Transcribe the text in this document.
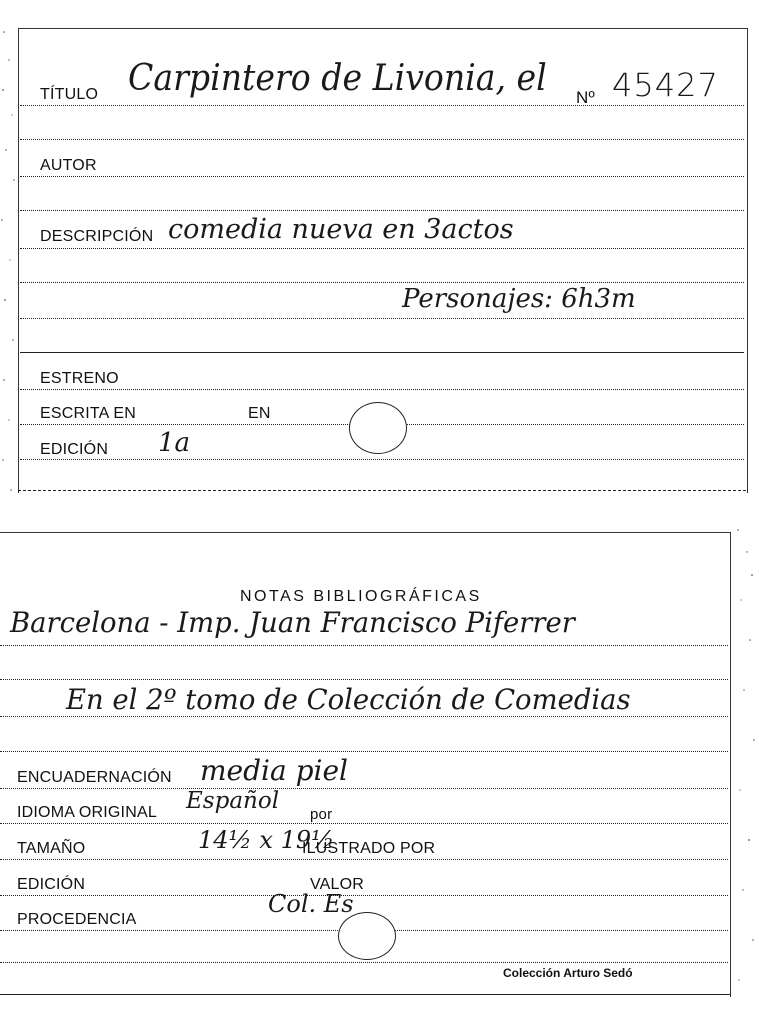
TÍTULO Carpintero de Livonia, el Nº 45427
AUTOR
DESCRIPCIÓN comedia nueva en 3actos
Personajes: 6h3m
ESTRENO
ESCRITA EN	EN
EDICIÓN 1a
NOTAS BIBLIOGRÁFICAS
Barcelona - Imp. Juan Francisco Piferrer
En el 2º tomo de Colección de Comedias
ENCUADERNACIÓN media piel
IDIOMA ORIGINAL Español
por
TAMAÑO	14½ x 19½
ILUSTRADO POR
EDICIÓN	VALOR
PROCEDENCIA
Col. Es
Colección Arturo Sedó
